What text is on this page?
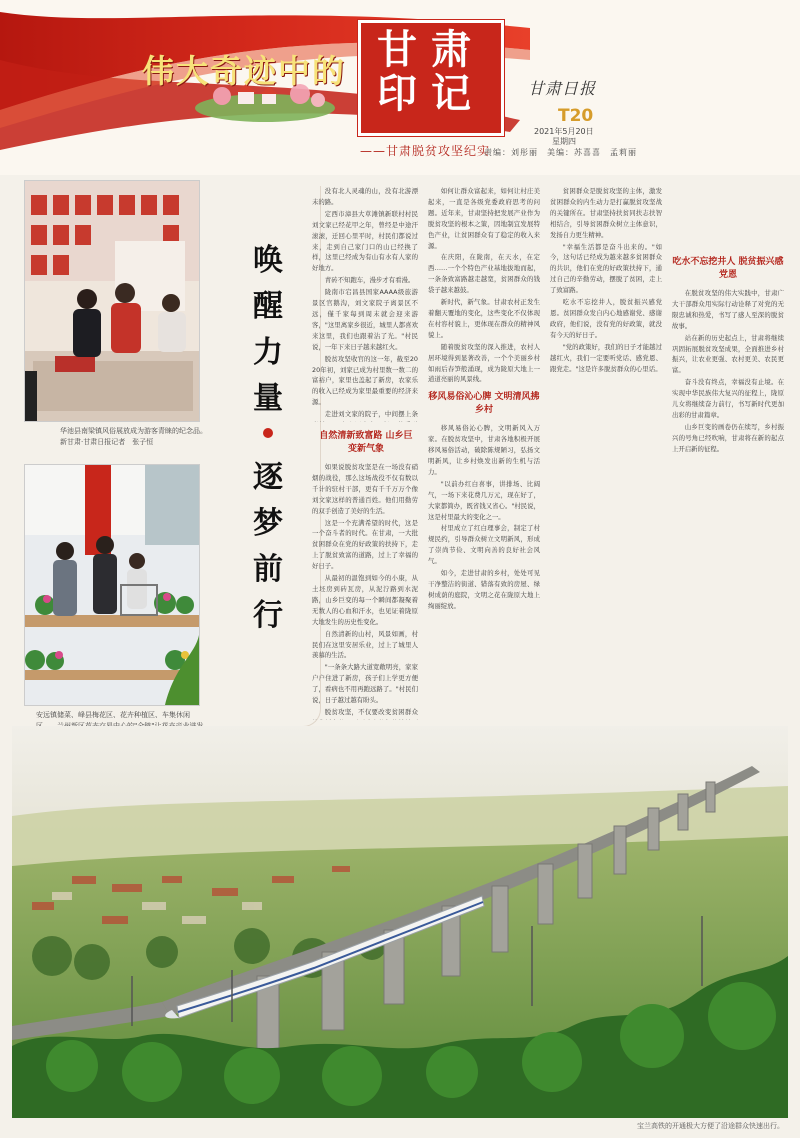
伟大奇迹中的 甘肃
印记
——甘肃脱贫攻坚纪实
甘肃日报
T20
2021年5月20日
星期四
责编：刘彤丽　美编：苏喜喜　孟莉丽
华池县南梁镇风俗展放成为游客青睐的纪念品。
新甘肃·甘肃日报记者　张子恒
安远镇储菜、峰县梅花区、花卉种植区、车集休闲
唤
醒
力
量
逐
梦
前
行

没有北人灵魂的山，没有北游漂未的路。

定西市漳县大草滩镇新联村村民刘文家已经花甲之年，曾经是中途汗滚滚，迁回心里平时，村民们都说过来，走到自己家门口的山已经换了样，这里已经成为有山有水有人家的好地方。

青砖不知跑车，漫步才有看漫。

陇南市宕昌县国家AAAA级旅游景区官鹅沟，刘文家院子离景区不远，僅千家每到周末就会迎来游客，"这里离家乡很近，城里人都喜欢来这里，我们也跟着沾了光。"村民说，一年下来日子越来越红火。

脱贫攻坚收官的这一年，截至2020年初，刘家已成为村里数一数二的富裕户，家里也盖起了新房，农家乐的收入已经成为家里最重要的经济来源。

走进刘文家的院子，中间摆上条

自然清新致富路 山乡巨变新气象

如果说脱贫攻坚是在一场没有硝烟的战役，那么这场战役不仅有数以千计的驻村干部，更有千千万万个像刘文家这样的普通百姓。他们用勤劳的双手创造了美好的生活。

这是一个充满希望的时代，这是一个奋斗者的时代。在甘肃，一大批贫困群众在党的好政策的扶持下，走上了脱贫致富的道路，过上了幸福的好日子。

从最初的温饱到如今的小康，从土坯房到砖瓦房，从泥泞路到水泥路，山乡巨变的每一个瞬间都凝聚着无数人的心血和汗水，也见证着陇原大地发生的历史性变化。

自然清新的山村，风景如画，村民们在这里安居乐业，过上了城里人羡慕的生活。

"一条条大路大道宽敞明亮，家家户户住进了新房，孩子们上学更方便了，看病也不用再跑远路了。"村民们说，日子越过越有盼头。

脱贫攻坚，不仅要改变贫困群众

如何让群众富起来，如何让村庄美起来，一直是各级党委政府思考的问题。近年来，甘肃坚持把发展产业作为脱贫攻坚的根本之策，因地制宜发展特色产业，让贫困群众有了稳定的收入来源。

在庆阳，在陇南，在天水，在定西……一个个特色产业基地拔地而起，一条条致富路越走越宽，贫困群众的钱袋子越来越鼓。

新时代，新气象。甘肃农村正发生着翻天覆地的变化，这些变化不仅体现在村容村貌上，更体现在群众的精神风貌上。

随着脱贫攻坚的深入推进，农村人居环境得到显著改善，一个个美丽乡村如雨后春笋般涌现，成为陇原大地上一道道亮丽的风景线。

移风易俗沁心脾 文明清风拂乡村

移风易俗沁心脾，文明新风入万家。在脱贫攻坚中，甘肃各地积极开展移风易俗活动，破除陈规陋习，弘扬文明新风，让乡村焕发出新的生机与活力。

"以前办红白喜事，讲排场、比阔气，一场下来花费几万元，现在好了，大家都简办，既省钱又省心。"村民说，这是村里最大的变化之一。

村里成立了红白理事会，制定了村规民约，引导群众树立文明新风，形成了崇尚节俭、文明向善的良好社会风气。

如今，走进甘肃的乡村，处处可见干净整洁的街道、错落有致的房屋、绿树成荫的庭院，文明之花在陇原大地上绚丽绽放。

贫困群众是脱贫攻坚的主体，激发贫困群众的内生动力是打赢脱贫攻坚战的关键所在。甘肃坚持扶贫同扶志扶智相结合，引导贫困群众树立主体意识，发扬自力更生精神。

"幸福生活都是奋斗出来的。"如今，这句话已经成为越来越多贫困群众的共识，他们在党的好政策扶持下，通过自己的辛勤劳动，摆脱了贫困，走上了致富路。

吃水不忘挖井人，脱贫振兴感党恩。贫困群众发自内心地感谢党、感谢政府，他们说，没有党的好政策，就没有今天的好日子。

"党的政策好，我们的日子才能越过越红火，我们一定要听党话、感党恩、跟党走。"这是许多脱贫群众的心里话。

吃水不忘挖井人 脱贫振兴感党恩

在脱贫攻坚的伟大实践中，甘肃广大干部群众用实际行动诠释了对党的无限忠诚和热爱，书写了感人至深的脱贫故事。

站在新的历史起点上，甘肃将继续巩固拓展脱贫攻坚成果，全面推进乡村振兴，让农业更强、农村更美、农民更富。

奋斗没有终点，幸福没有止境。在实现中华民族伟大复兴的征程上，陇原儿女将继续奋力前行，书写新时代更加出彩的甘肃篇章。

山乡巨变的画卷仍在续写，乡村振兴的号角已经吹响，甘肃将在新的起点上开启新的征程。

宝兰高铁的开通极大方便了沿途群众快速出行。
